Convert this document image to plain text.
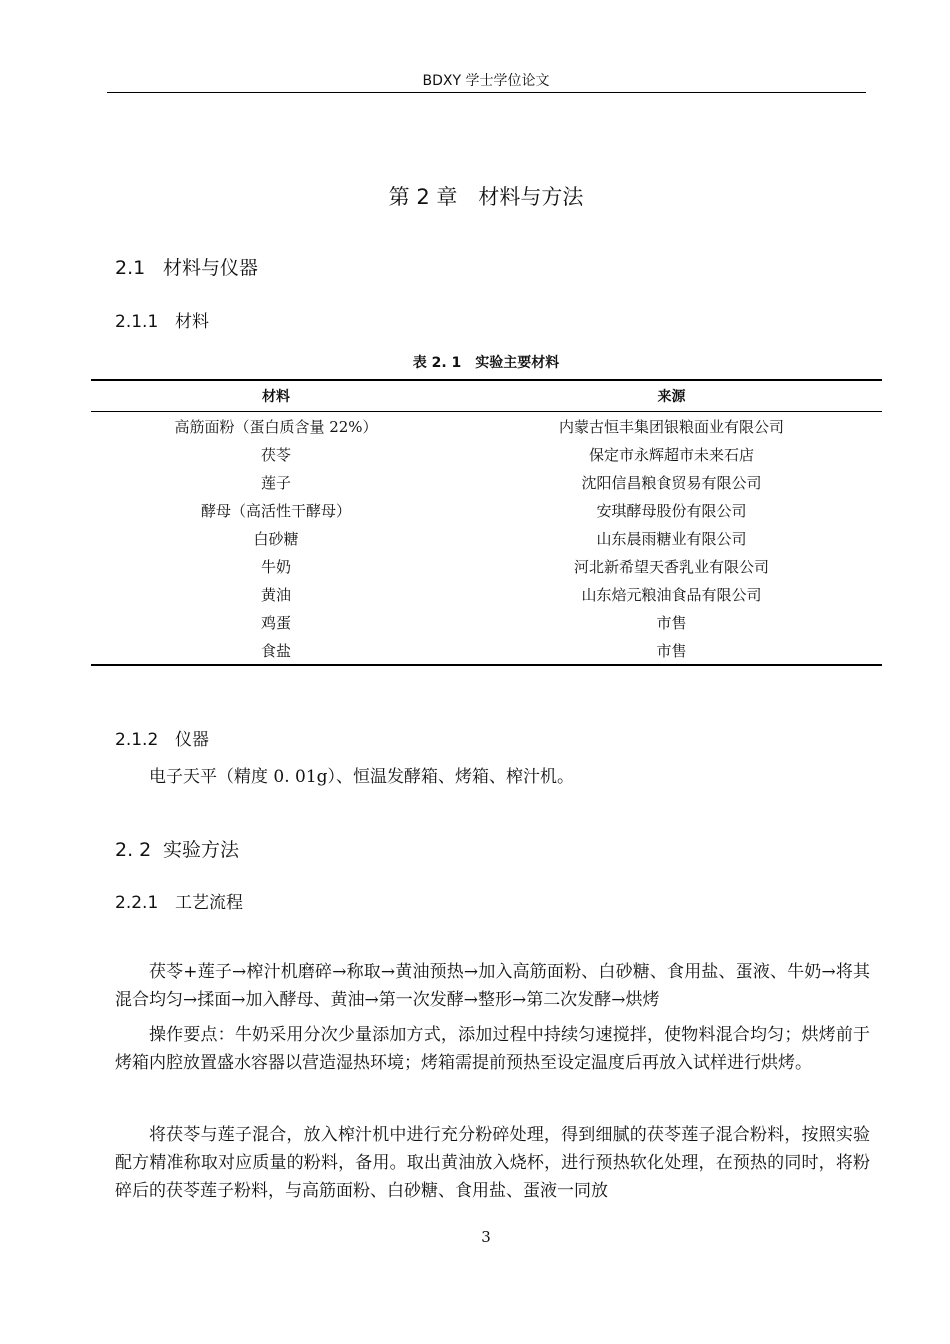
BDXY 学士学位论文
第 2 章　材料与方法
2.1 材料与仪器
2.1.1 材料
表 2. 1　实验主要材料
材料	来源
高筋面粉（蛋白质含量 22%）	内蒙古恒丰集团银粮面业有限公司
茯苓	保定市永辉超市未来石店
莲子	沈阳信昌粮食贸易有限公司
酵母（高活性干酵母）	安琪酵母股份有限公司
白砂糖	山东晨雨糖业有限公司
牛奶	河北新希望天香乳业有限公司
黄油	山东焙元粮油食品有限公司
鸡蛋	市售
食盐	市售
2.1.2 仪器
电子天平（精度 0. 01g）、恒温发酵箱、烤箱、榨汁机。
2. 2 实验方法
2.2.1 工艺流程
茯苓+莲子→榨汁机磨碎→称取→黄油预热→加入高筋面粉、白砂糖、食用盐、蛋液、牛奶→将其混合均匀→揉面→加入酵母、黄油→第一次发酵→整形→第二次发酵→烘烤
操作要点：牛奶采用分次少量添加方式，添加过程中持续匀速搅拌，使物料混合均匀；烘烤前于烤箱内腔放置盛水容器以营造湿热环境；烤箱需提前预热至设定温度后再放入试样进行烘烤。
将茯苓与莲子混合，放入榨汁机中进行充分粉碎处理，得到细腻的茯苓莲子混合粉料，按照实验配方精准称取对应质量的粉料，备用。取出黄油放入烧杯，进行预热软化处理，在预热的同时，将粉碎后的茯苓莲子粉料，与高筋面粉、白砂糖、食用盐、蛋液一同放
3
